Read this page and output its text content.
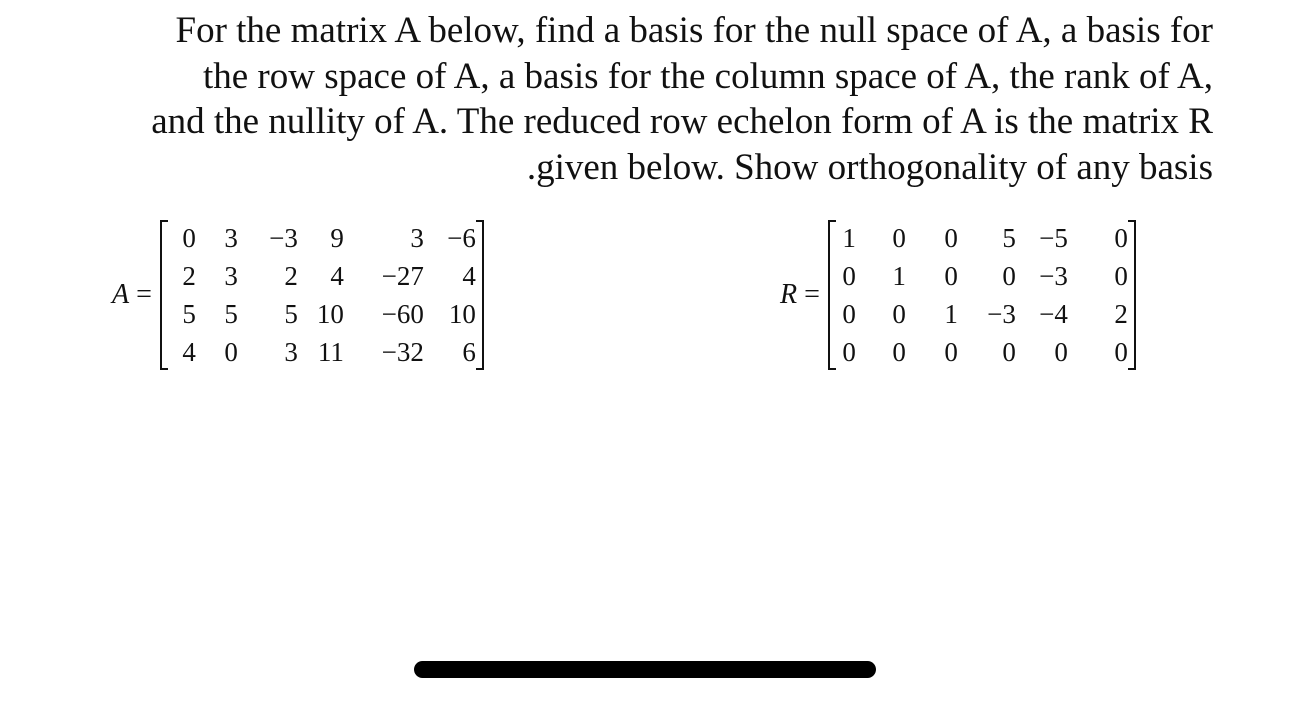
For the matrix A below, find a basis for the null space of A, a basis for
the row space of A, a basis for the column space of A, the rank of A,
and the nullity of A. The reduced row echelon form of A is the matrix R
.given below. Show orthogonality of any basis
A =
0	3	−3	9	3	−6
2	3	2	4	−27	4
5	5	5	10	−60	10
4	0	3	11	−32	6
R =
1	0	0	5	−5	0
0	1	0	0	−3	0
0	0	1	−3	−4	2
0	0	0	0	0	0
